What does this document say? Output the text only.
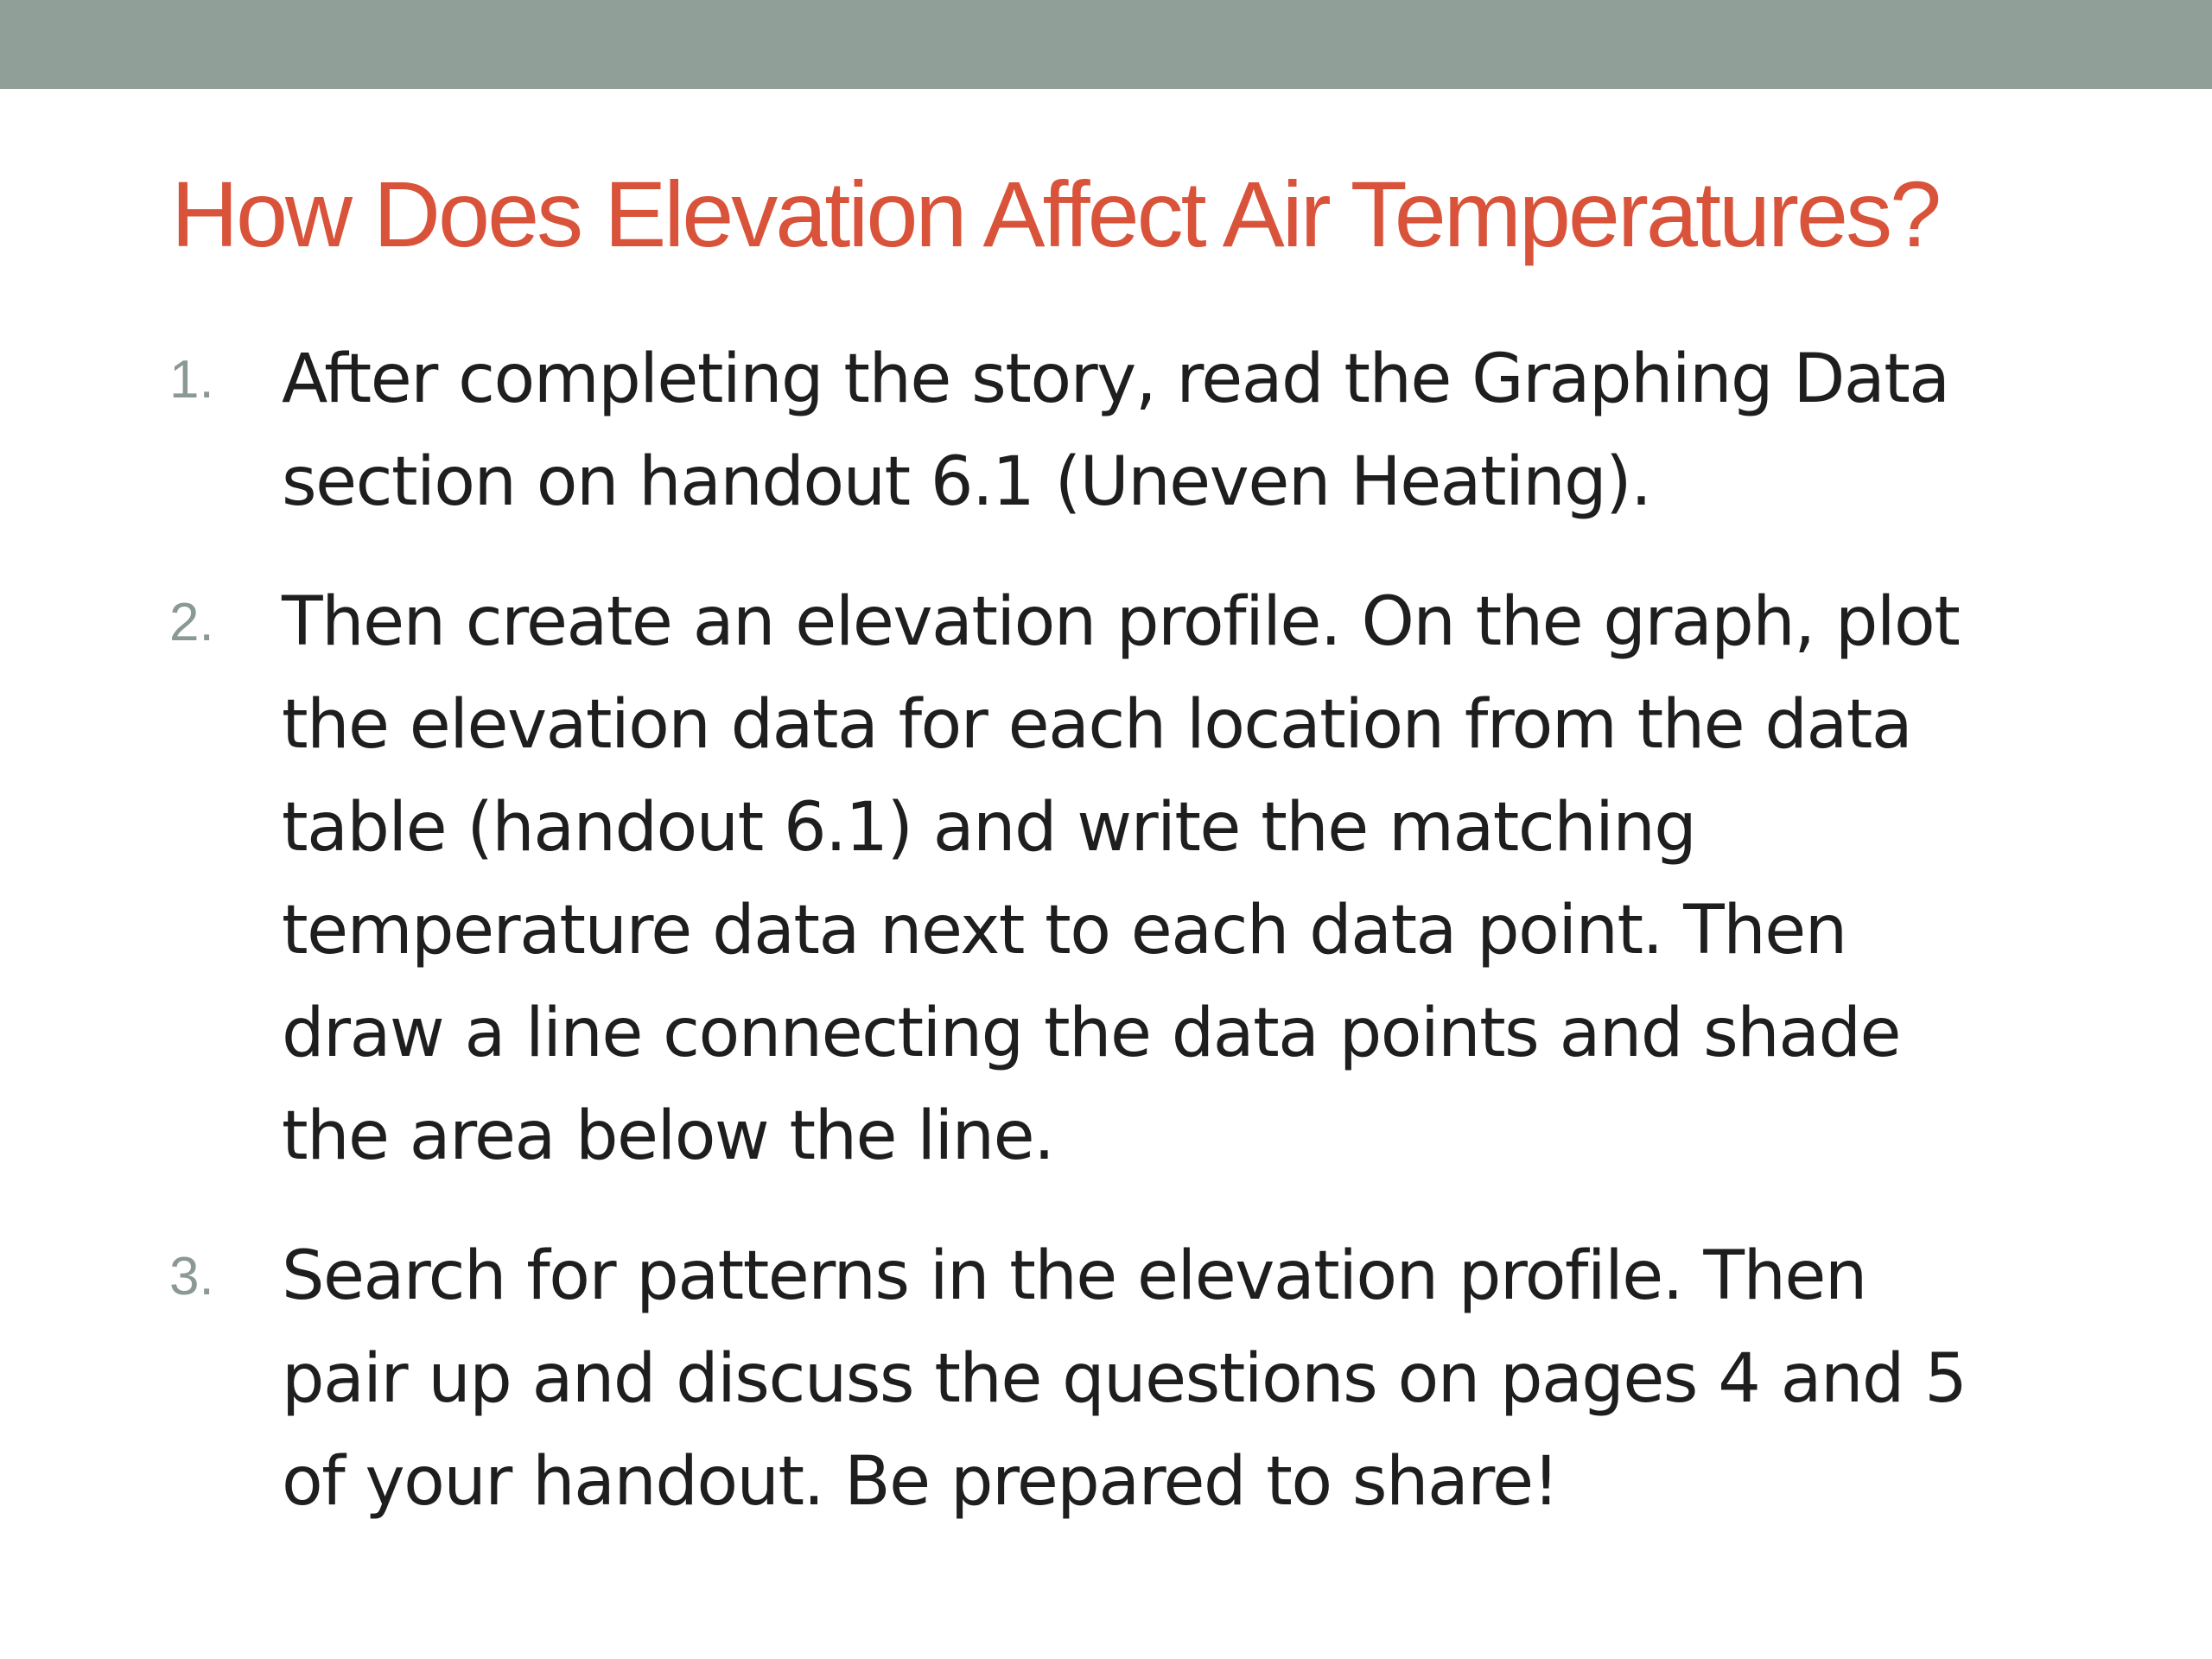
How Does Elevation Affect Air Temperatures?
1. After completing the story, read the Graphing Data
section on handout 6.1 (Uneven Heating).
2. Then create an elevation profile. On the graph, plot
the elevation data for each location from the data
table (handout 6.1) and write the matching
temperature data next to each data point. Then
draw a line connecting the data points and shade
the area below the line.
3. Search for patterns in the elevation profile. Then
pair up and discuss the questions on pages 4 and 5
of your handout. Be prepared to share!
